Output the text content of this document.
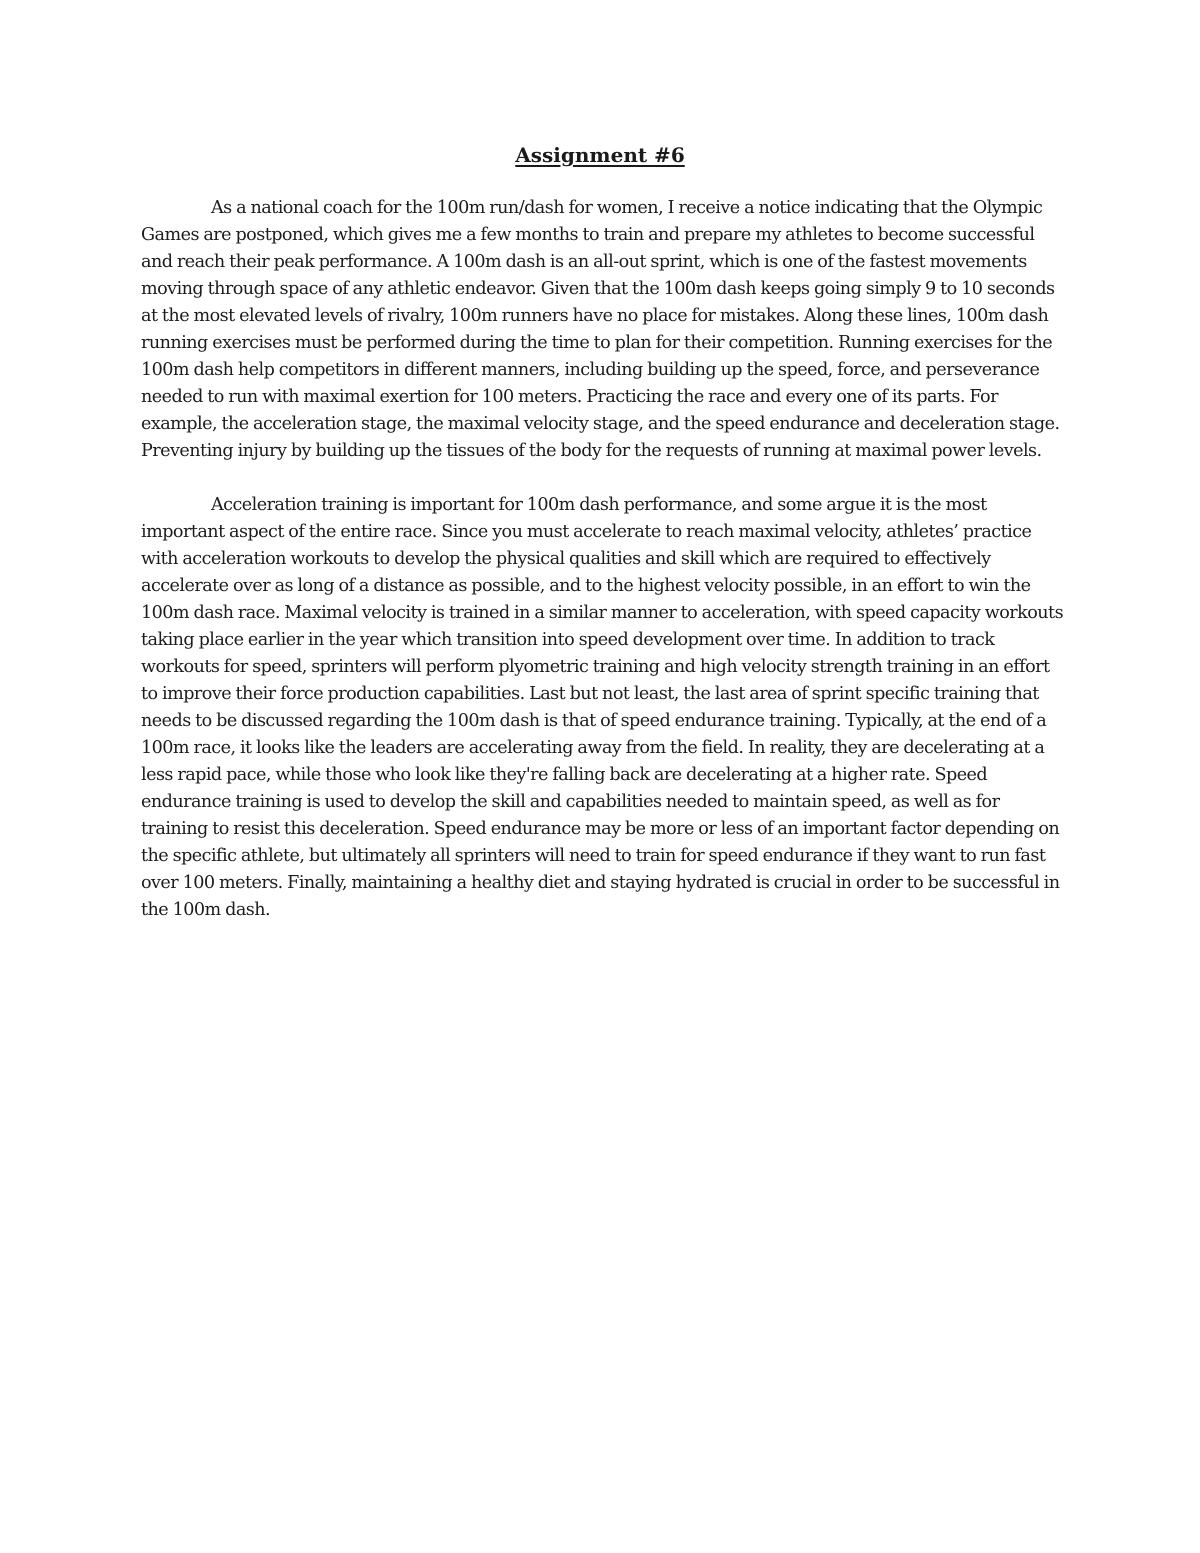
Assignment #6

As a national coach for the 100m run/dash for women, I receive a notice indicating that the Olympic Games are postponed, which gives me a few months to train and prepare my athletes to become successful and reach their peak performance. A 100m dash is an all-out sprint, which is one of the fastest movements moving through space of any athletic endeavor. Given that the 100m dash keeps going simply 9 to 10 seconds at the most elevated levels of rivalry, 100m runners have no place for mistakes. Along these lines, 100m dash running exercises must be performed during the time to plan for their competition. Running exercises for the 100m dash help competitors in different manners, including building up the speed, force, and perseverance needed to run with maximal exertion for 100 meters. Practicing the race and every one of its parts. For example, the acceleration stage, the maximal velocity stage, and the speed endurance and deceleration stage. Preventing injury by building up the tissues of the body for the requests of running at maximal power levels.

Acceleration training is important for 100m dash performance, and some argue it is the most important aspect of the entire race. Since you must accelerate to reach maximal velocity, athletes’ practice with acceleration workouts to develop the physical qualities and skill which are required to effectively accelerate over as long of a distance as possible, and to the highest velocity possible, in an effort to win the 100m dash race. Maximal velocity is trained in a similar manner to acceleration, with speed capacity workouts taking place earlier in the year which transition into speed development over time. In addition to track workouts for speed, sprinters will perform plyometric training and high velocity strength training in an effort to improve their force production capabilities. Last but not least, the last area of sprint specific training that needs to be discussed regarding the 100m dash is that of speed endurance training. Typically, at the end of a 100m race, it looks like the leaders are accelerating away from the field. In reality, they are decelerating at a less rapid pace, while those who look like they're falling back are decelerating at a higher rate. Speed endurance training is used to develop the skill and capabilities needed to maintain speed, as well as for training to resist this deceleration. Speed endurance may be more or less of an important factor depending on the specific athlete, but ultimately all sprinters will need to train for speed endurance if they want to run fast over 100 meters. Finally, maintaining a healthy diet and staying hydrated is crucial in order to be successful in the 100m dash.
